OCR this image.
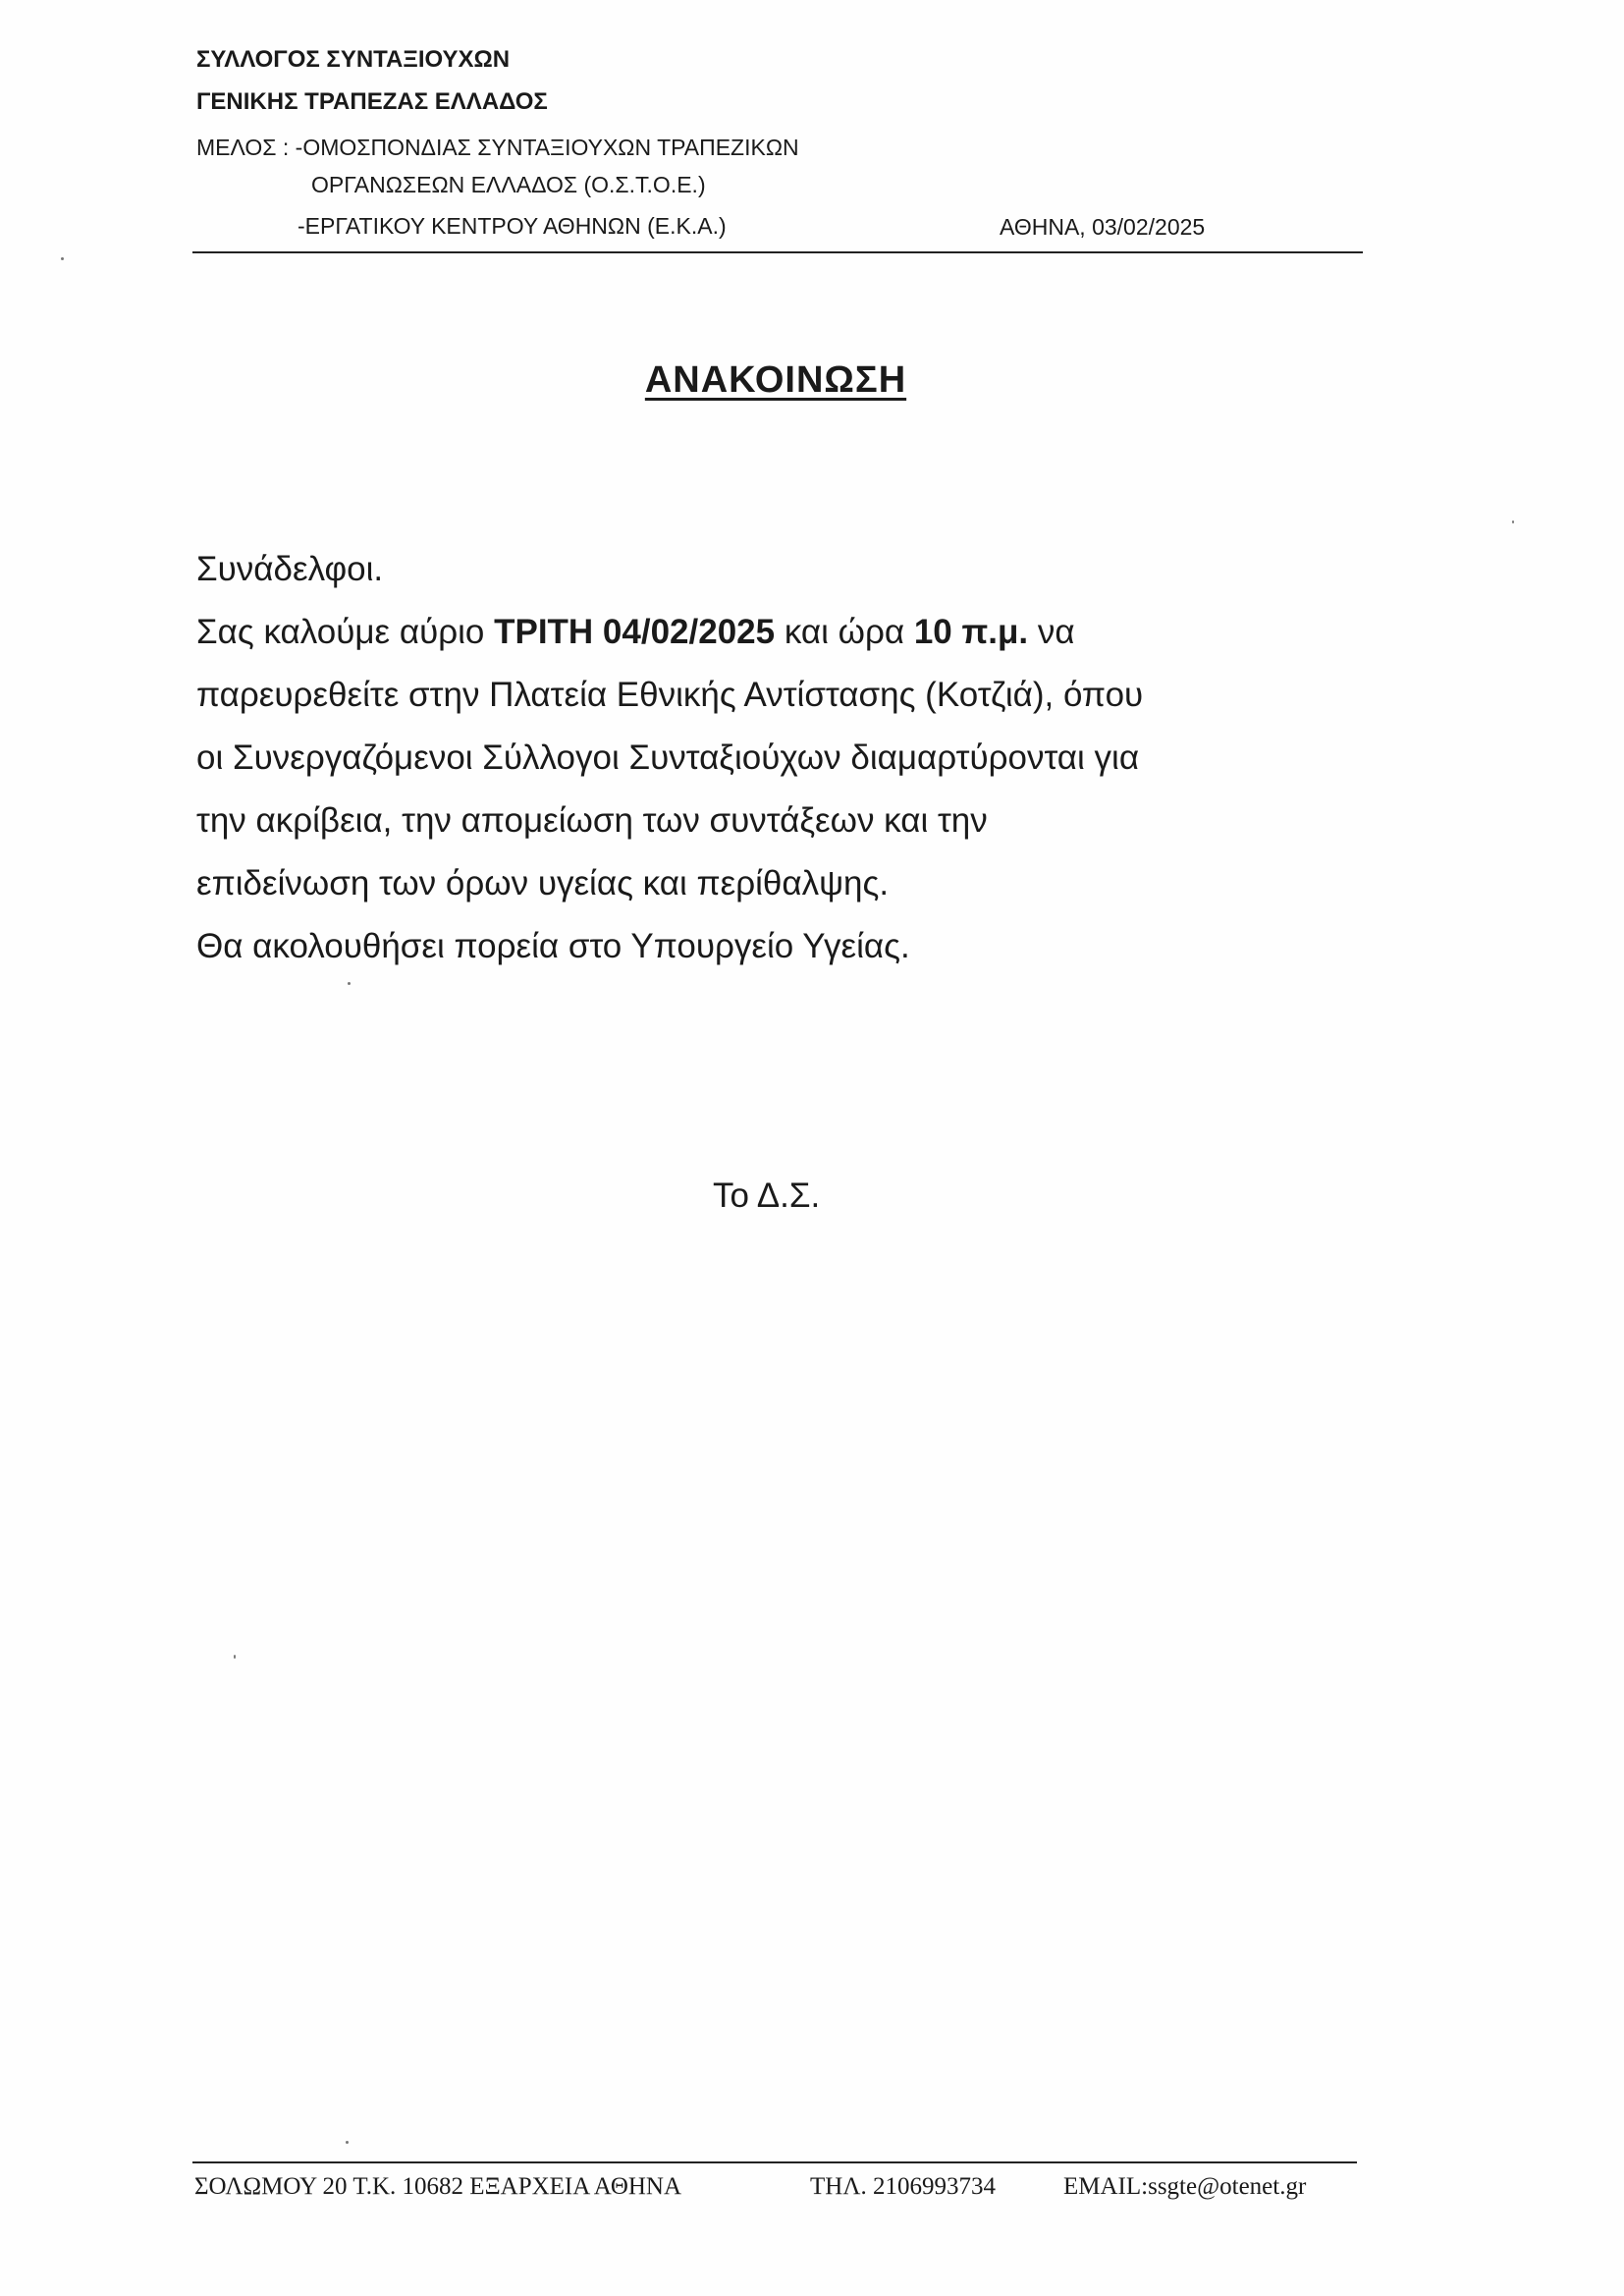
ΣΥΛΛΟΓΟΣ ΣΥΝΤΑΞΙΟΥΧΩΝ
ΓΕΝΙΚΗΣ ΤΡΑΠΕΖΑΣ ΕΛΛΑΔΟΣ
ΜΕΛΟΣ : -ΟΜΟΣΠΟΝΔΙΑΣ ΣΥΝΤΑΞΙΟΥΧΩΝ ΤΡΑΠΕΖΙΚΩΝ
ΟΡΓΑΝΩΣΕΩΝ ΕΛΛΑΔΟΣ (Ο.Σ.Τ.Ο.Ε.)
-ΕΡΓΑΤΙΚΟΥ ΚΕΝΤΡΟΥ ΑΘΗΝΩΝ (Ε.Κ.Α.)	ΑΘΗΝΑ, 03/02/2025
ΑΝΑΚΟΙΝΩΣΗ

Συνάδελφοι.

Σας καλούμε αύριο ΤΡΙΤΗ 04/02/2025 και ώρα 10 π.μ. να

παρευρεθείτε στην Πλατεία Εθνικής Αντίστασης (Κοτζιά), όπου

οι Συνεργαζόμενοι Σύλλογοι Συνταξιούχων διαμαρτύρονται για

την ακρίβεια, την απομείωση των συντάξεων και την

επιδείνωση των όρων υγείας και περίθαλψης.

Θα ακολουθήσει πορεία στο Υπουργείο Υγείας.

Το Δ.Σ.
ΣΟΛΩΜΟΥ 20 Τ.Κ. 10682 ΕΞΑΡΧΕΙΑ ΑΘΗΝΑ	ΤΗΛ. 2106993734	EMAIL:ssgte@otenet.gr
